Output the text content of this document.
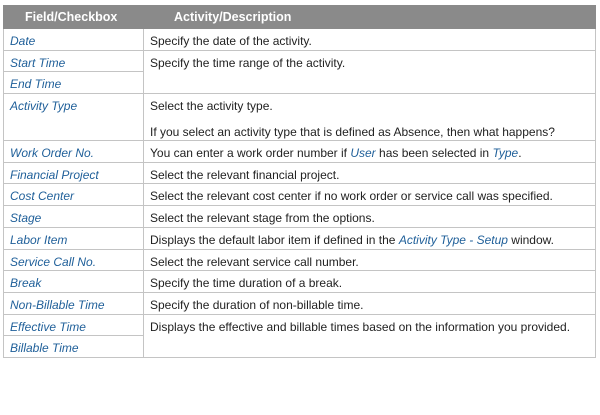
Field/Checkbox	Activity/Description
Date	Specify the date of the activity.
Start Time	Specify the time range of the activity.
End Time	
Activity Type	Select the activity type.

If you select an activity type that is defined as Absence, then what happens?

Work Order No.	You can enter a work order number if User has been selected in Type.
Financial Project	Select the relevant financial project.
Cost Center	Select the relevant cost center if no work order or service call was specified.
Stage	Select the relevant stage from the options.
Labor Item	Displays the default labor item if defined in the Activity Type - Setup window.
Service Call No.	Select the relevant service call number.
Break	Specify the time duration of a break.
Non-Billable Time	Specify the duration of non-billable time.
Effective Time	Displays the effective and billable times based on the information you provided.
Billable Time	
